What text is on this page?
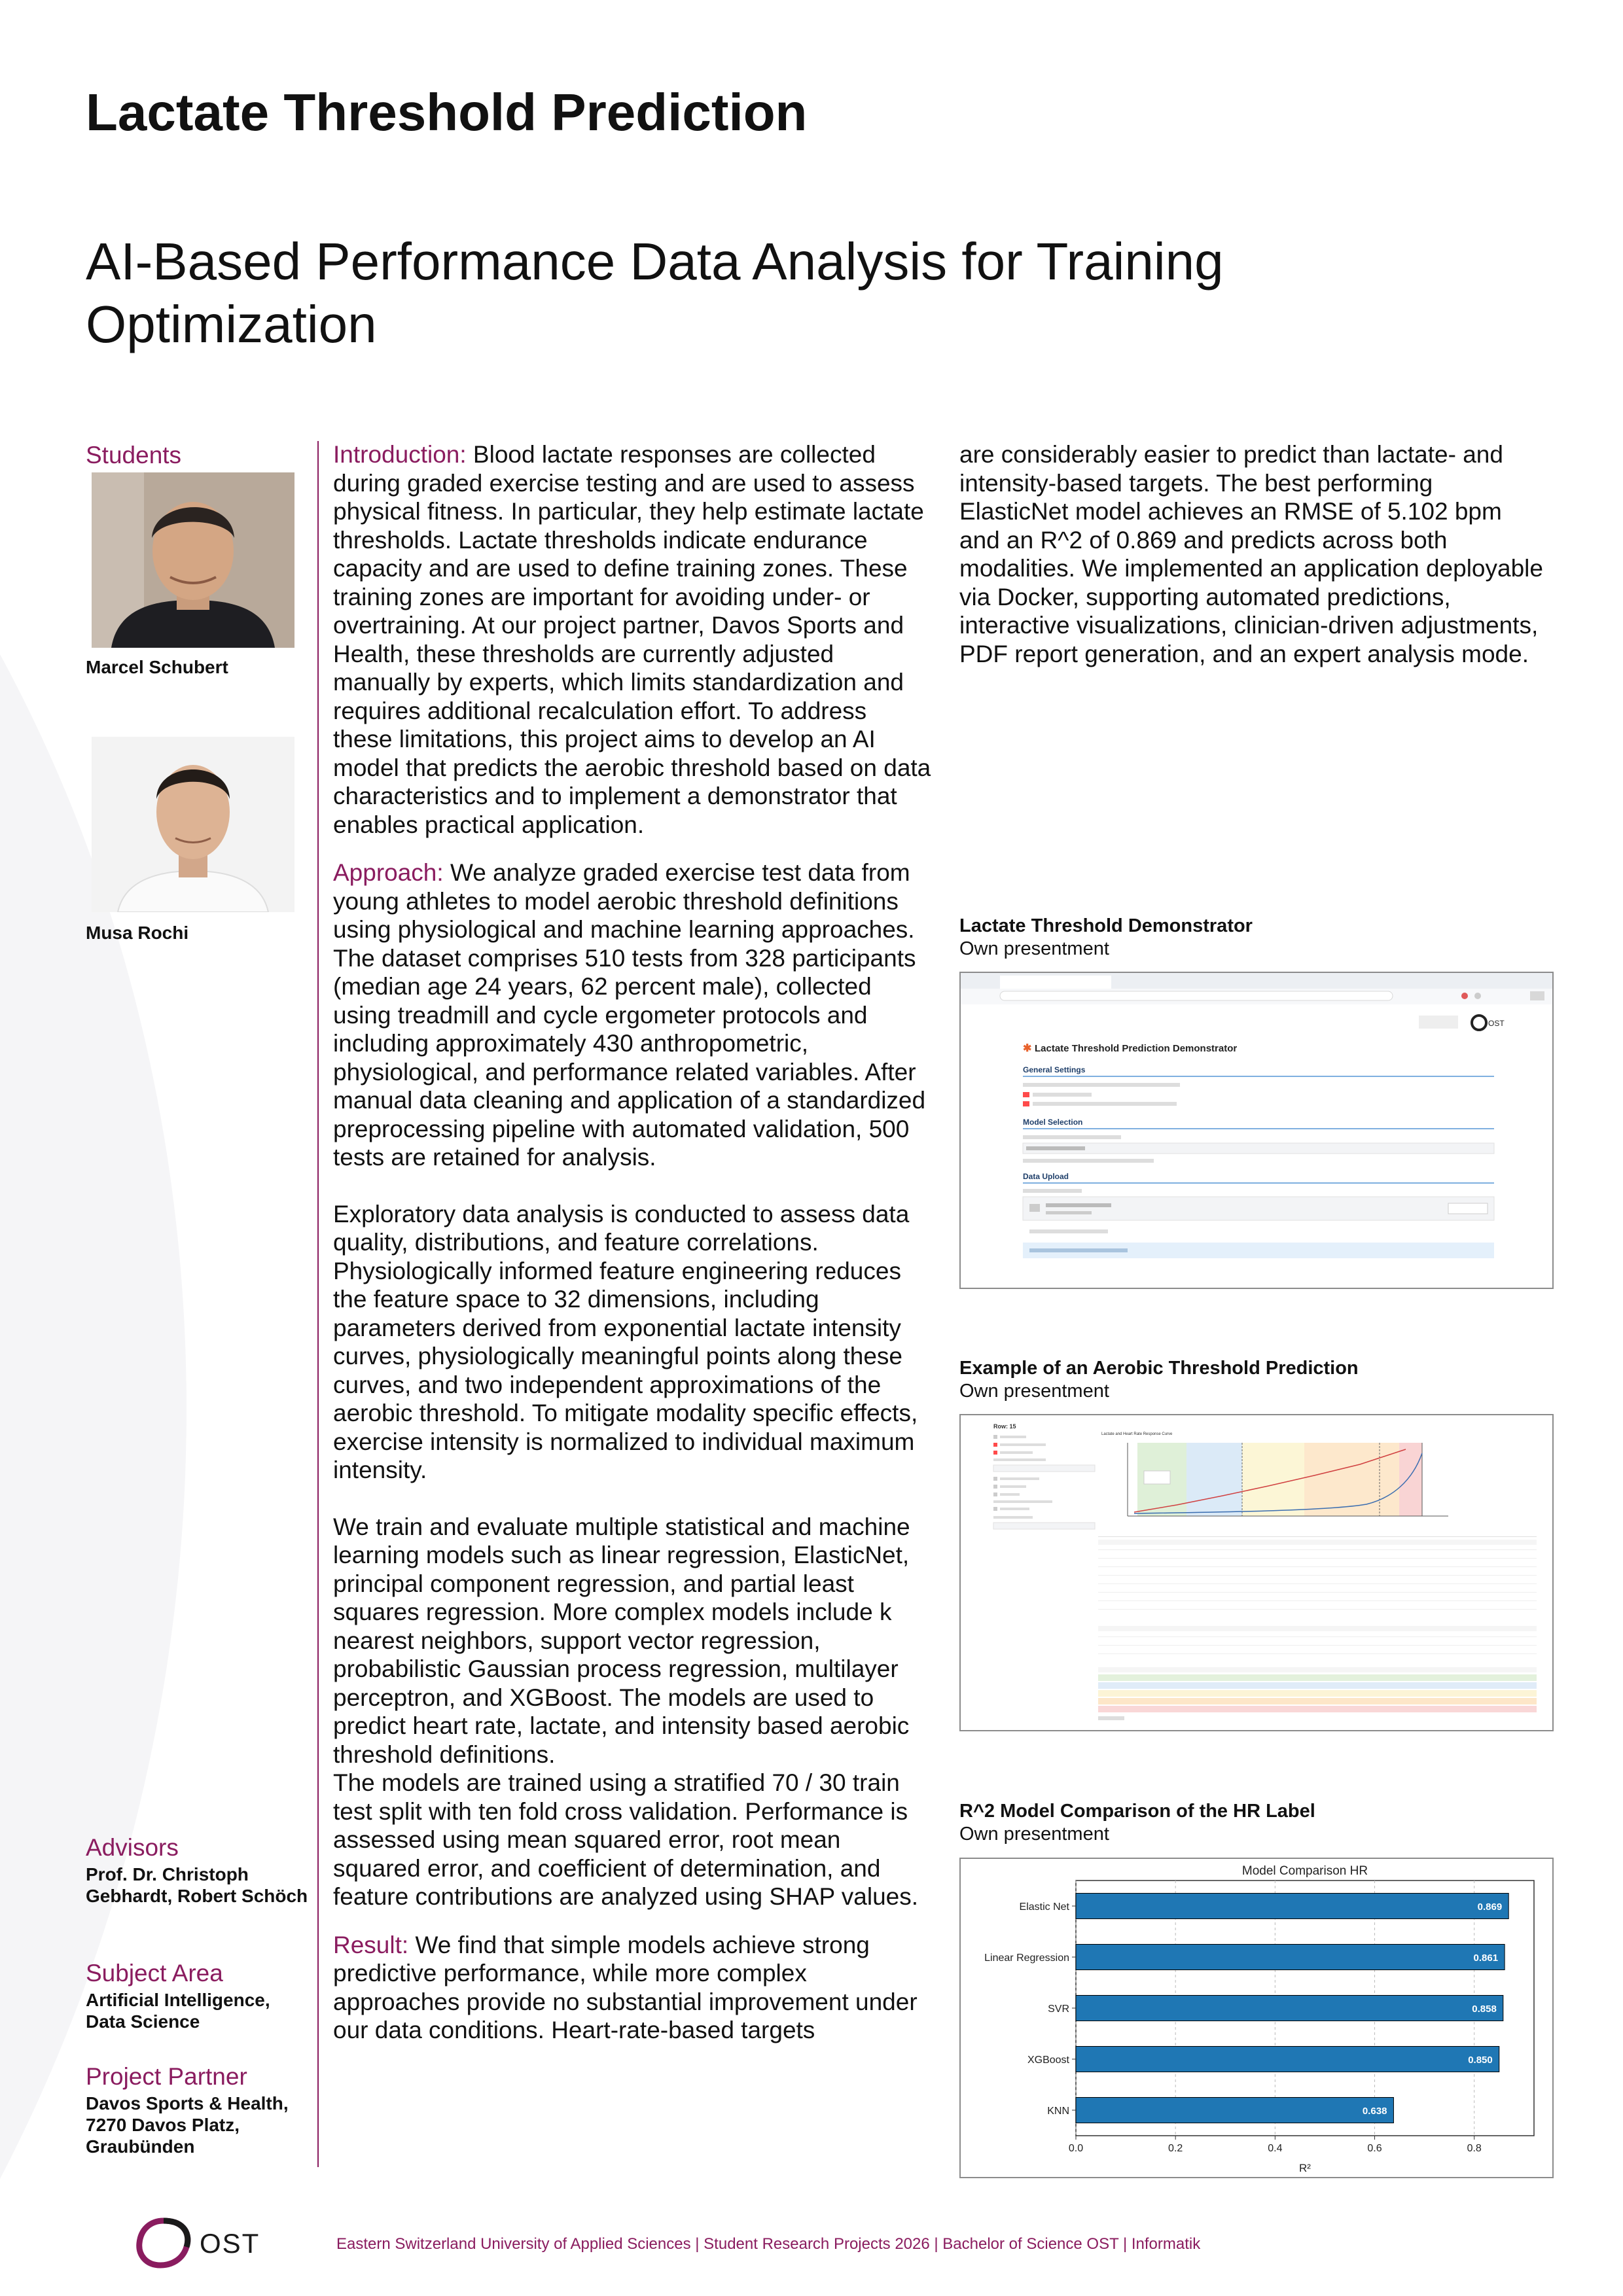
Lactate Threshold Prediction
AI-Based Performance Data Analysis for Training Optimization
Students
Marcel Schubert
Musa Rochi
Advisors
Prof. Dr. Christoph Gebhardt, Robert Schöch
Subject Area
Artificial Intelligence, Data Science
Project Partner
Davos Sports & Health, 7270 Davos Platz, Graubünden

Introduction: Blood lactate responses are collected during graded exercise testing and are used to assess physical fitness. In particular, they help estimate lactate thresholds. Lactate thresholds indicate endurance capacity and are used to define training zones. These training zones are important for avoiding under- or overtraining. At our project partner, Davos Sports and Health, these thresholds are currently adjusted manually by experts, which limits standardization and requires additional recalculation effort. To address these limitations, this project aims to develop an AI model that predicts the aerobic threshold based on data characteristics and to implement a demonstrator that enables practical application.

Approach: We analyze graded exercise test data from young athletes to model aerobic threshold definitions using physiological and machine learning approaches. The dataset comprises 510 tests from 328 participants (median age 24 years, 62 percent male), collected using treadmill and cycle ergometer protocols and including approximately 430 anthropometric, physiological, and performance related variables. After manual data cleaning and application of a standardized preprocessing pipeline with automated validation, 500 tests are retained for analysis.

Exploratory data analysis is conducted to assess data quality, distributions, and feature correlations. Physiologically informed feature engineering reduces the feature space to 32 dimensions, including parameters derived from exponential lactate intensity curves, physiologically meaningful points along these curves, and two independent approximations of the aerobic threshold. To mitigate modality specific effects, exercise intensity is normalized to individual maximum intensity.

We train and evaluate multiple statistical and machine learning models such as linear regression, ElasticNet, principal component regression, and partial least squares regression. More complex models include k nearest neighbors, support vector regression, probabilistic Gaussian process regression, multilayer perceptron, and XGBoost. The models are used to predict heart rate, lactate, and intensity based aerobic threshold definitions.

The models are trained using a stratified 70 / 30 train test split with ten fold cross validation. Performance is assessed using mean squared error, root mean squared error, and coefficient of determination, and feature contributions are analyzed using SHAP values.

Result: We find that simple models achieve strong predictive performance, while more complex approaches provide no substantial improvement under our data conditions. Heart-rate-based targets

are considerably easier to predict than lactate- and intensity-based targets. The best performing ElasticNet model achieves an RMSE of 5.102 bpm and an R^2 of 0.869 and predicts across both modalities. We implemented an application deployable via Docker, supporting automated predictions, interactive visualizations, clinician-driven adjustments, PDF report generation, and an expert analysis mode.

Lactate Threshold Demonstrator
Own presentment
OST
✱ Lactate Threshold Prediction Demonstrator
General Settings
Model Selection
Data Upload
Example of an Aerobic Threshold Prediction
Own presentment
Row: 15
Lactate and Heart Rate Response Curve
R^2 Model Comparison of the HR Label
Own presentment
Model Comparison HR
0.869
0.861
0.858
0.850
0.638
0.0	0.2	0.4	0.6	0.8
Elastic Net
Linear Regression
SVR
XGBoost
KNN
R²
OST	Eastern Switzerland University of Applied Sciences | Student Research Projects 2026 | Bachelor of Science OST | Informatik
